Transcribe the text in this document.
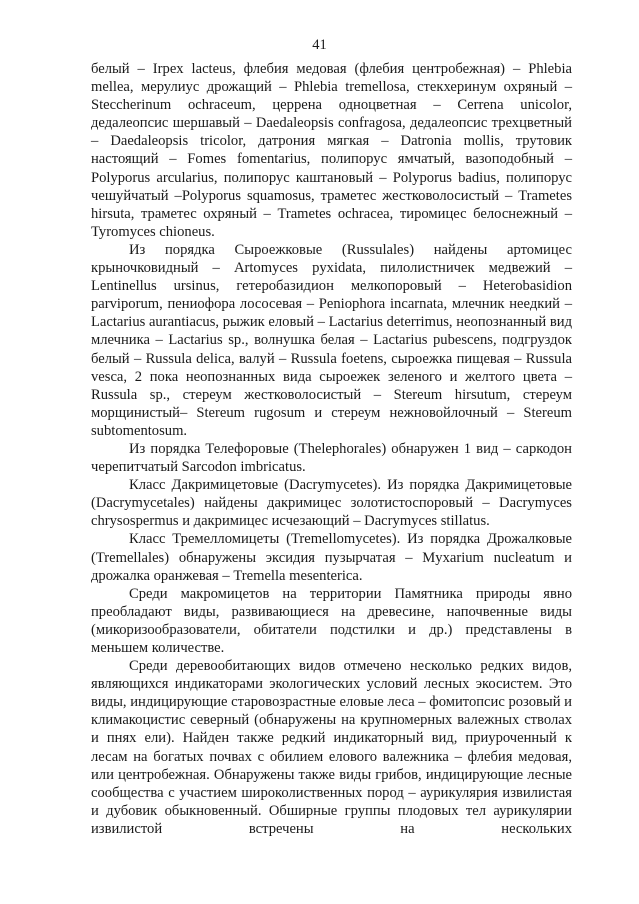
41

белый – Irpex lacteus, флебия медовая (флебия центробежная) – Phlebia mellea, мерулиус дрожащий – Phlebia tremellosa, стекхеринум охряный – Steccherinum ochraceum, церрена одноцветная – Cerrena unicolor, дедалеопсис шершавый – Daedaleopsis confragosa, дедалеопсис трехцветный – Daedaleopsis tricolor, датрония мягкая – Datronia mollis, трутовик настоящий – Fomes fomentarius, полипорус ямчатый, вазоподобный – Polyporus arcularius, полипорус каштановый – Polyporus badius, полипорус чешуйчатый –Polyporus squamosus, траметес жестковолосистый – Trametes hirsuta, траметес охряный – Trametes ochracea, тиромицес белоснежный – Tyromyces chioneus.

Из порядка Сыроежковые (Russulales) найдены артомицес крыночковидный – Artomyces pyxidata, пилолистничек медвежий – Lentinellus ursinus, гетеробазидион мелкопоровый – Heterobasidion parviporum, пениофора лососевая – Peniophora incarnata, млечник неедкий – Lactarius aurantiacus, рыжик еловый – Lactarius deterrimus, неопознанный вид млечника – Lactarius sp., волнушка белая – Lactarius pubescens, подгруздок белый – Russula delica, валуй – Russula foetens, сыроежка пищевая – Russula vesca, 2 пока неопознанных вида сыроежек зеленого и желтого цвета – Russula sp., стереум жестковолосистый – Stereum hirsutum, стереум морщинистый– Stereum rugosum и стереум нежновойлочный – Stereum subtomentosum.

Из порядка Телефоровые (Thelephorales) обнаружен 1 вид – саркодон черепитчатый Sarcodon imbricatus.

Класс Дакримицетовые (Dacrymycetes). Из порядка Дакримицетовые (Dacrymycetales) найдены дакримицес золотистоспоровый – Dacrymyces chrysospermus и дакримицес исчезающий – Dacrymyces stillatus.

Класс Тремелломицеты (Tremellomycetes). Из порядка Дрожалковые (Tremellales) обнаружены эксидия пузырчатая – Myxarium nucleatum и дрожалка оранжевая – Tremella mesenterica.

Среди макромицетов на территории Памятника природы явно преобладают виды, развивающиеся на древесине, напочвенные виды (микоризообразователи, обитатели подстилки и др.) представлены в меньшем количестве.

Среди деревообитающих видов отмечено несколько редких видов, являющихся индикаторами экологических условий лесных экосистем. Это виды, индицирующие старовозрастные еловые леса – фомитопсис розовый и климакоцистис северный (обнаружены на крупномерных валежных стволах и пнях ели). Найден также редкий индикаторный вид, приуроченный к лесам на богатых почвах с обилием елового валежника – флебия медовая, или центробежная. Обнаружены также виды грибов, индицирующие лесные сообщества с участием широколиственных пород – аурикулярия извилистая и дубовик обыкновенный. Обширные группы плодовых тел аурикулярии извилистой встречены на нескольких
